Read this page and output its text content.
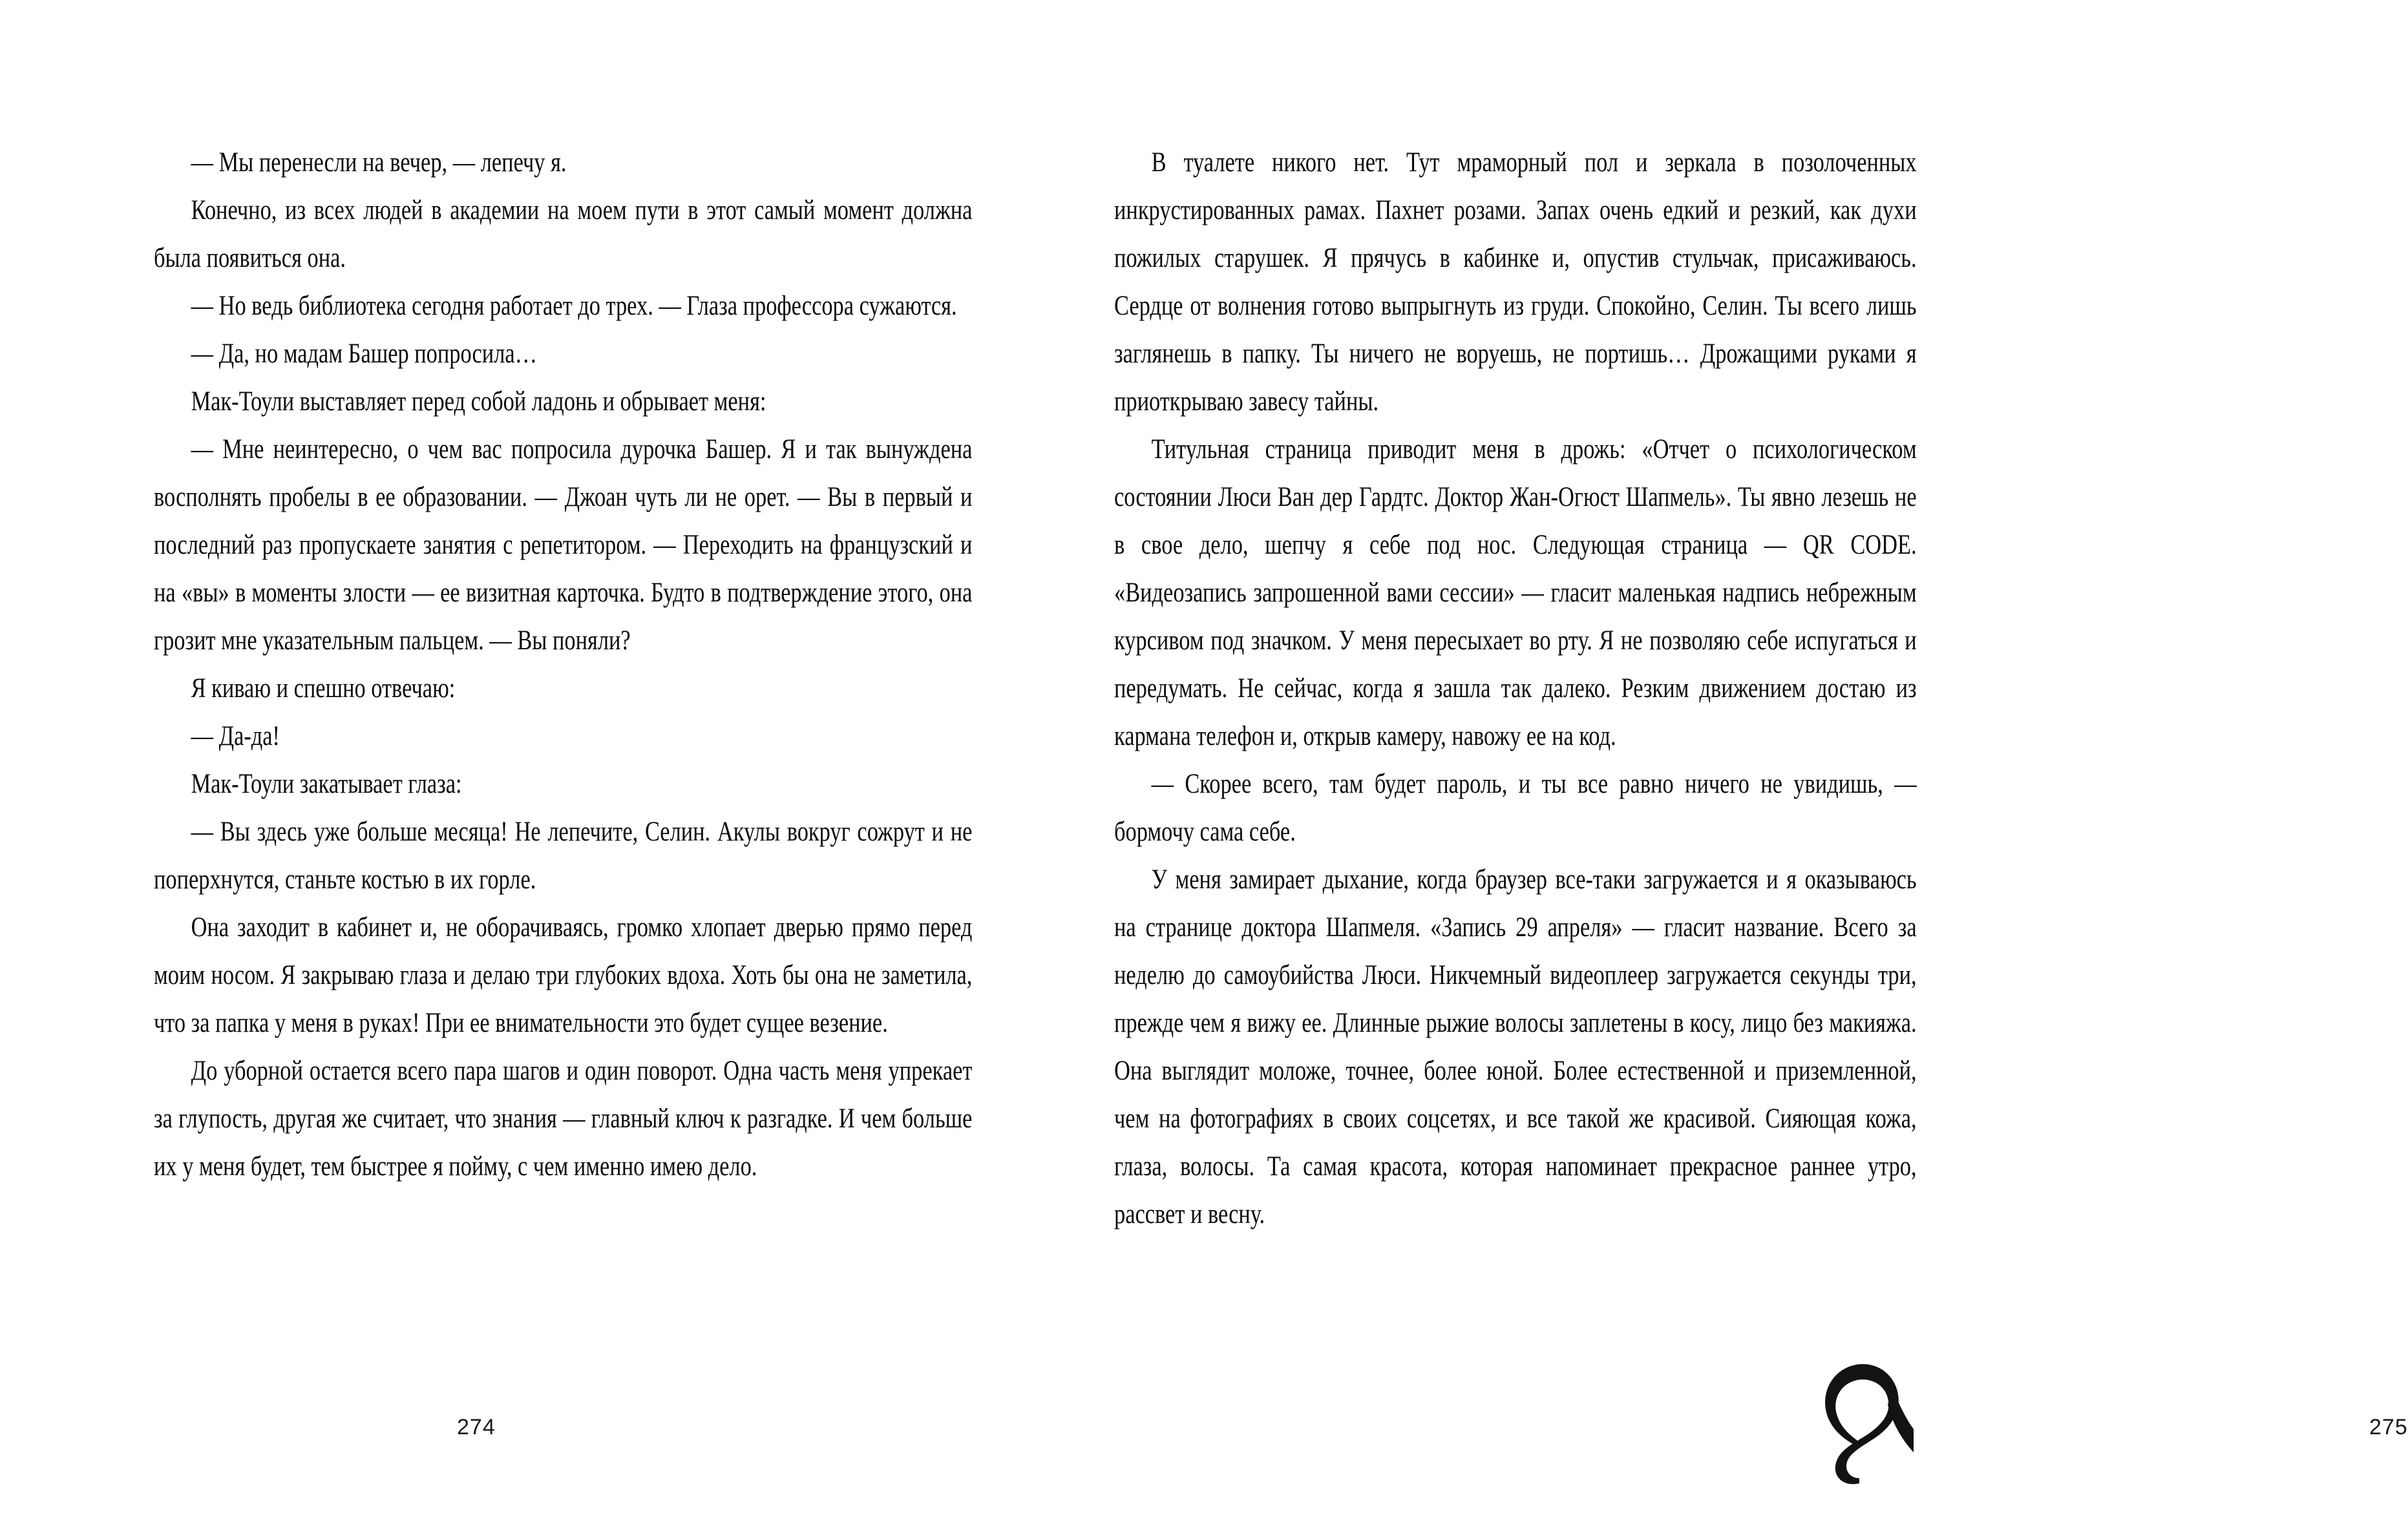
— Мы перенесли на вечер, — лепечу я.

Конечно, из всех людей в академии на моем пути в этот самый момент должна была появиться она.

— Но ведь библиотека сегодня работает до трех. — Глаза профессора сужаются.

— Да, но мадам Башер попросила…

Мак-Тоули выставляет перед собой ладонь и обрывает меня:

— Мне неинтересно, о чем вас попросила дурочка Башер. Я и так вынуждена восполнять пробелы в ее образовании. — Джоан чуть ли не орет. — Вы в первый и последний раз пропускаете занятия с репетитором. — Переходить на французский и на «вы» в моменты злости — ее визитная карточка. Будто в подтверждение этого, она грозит мне указательным пальцем. — Вы поняли?

Я киваю и спешно отвечаю:

— Да-да!

Мак-Тоули закатывает глаза:

— Вы здесь уже больше месяца! Не лепечите, Селин. Акулы вокруг сожрут и не поперхнутся, станьте костью в их горле.

Она заходит в кабинет и, не оборачиваясь, громко хлопает дверью прямо перед моим носом. Я закрываю глаза и делаю три глубоких вдоха. Хоть бы она не заметила, что за папка у меня в руках! При ее внимательности это будет сущее везение.

До уборной остается всего пара шагов и один поворот. Одна часть меня упрекает за глупость, другая же считает, что знания — главный ключ к разгадке. И чем больше их у меня будет, тем быстрее я пойму, с чем именно имею дело.

274

В туалете никого нет. Тут мраморный пол и зеркала в позолоченных инкрустированных рамах. Пахнет розами. Запах очень едкий и резкий, как духи пожилых старушек. Я прячусь в кабинке и, опустив стульчак, присаживаюсь. Сердце от волнения готово выпрыгнуть из груди. Спокойно, Селин. Ты всего лишь заглянешь в папку. Ты ничего не воруешь, не портишь… Дрожащими руками я приоткрываю завесу тайны.

Титульная страница приводит меня в дрожь: «Отчет о психологическом состоянии Люси Ван дер Гардтс. Доктор Жан-Огюст Шапмель». Ты явно лезешь не в свое дело, шепчу я себе под нос. Следующая страница — QR CODE. «Видеозапись запрошенной вами сессии» — гласит маленькая надпись небрежным курсивом под значком. У меня пересыхает во рту. Я не позволяю себе испугаться и передумать. Не сейчас, когда я зашла так далеко. Резким движением достаю из кармана телефон и, открыв камеру, навожу ее на код.

— Скорее всего, там будет пароль, и ты все равно ничего не увидишь, — бормочу сама себе.

У меня замирает дыхание, когда браузер все-таки загружается и я оказываюсь на странице доктора Шапмеля. «Запись 29 апреля» — гласит название. Всего за неделю до самоубийства Люси. Никчемный видеоплеер загружается секунды три, прежде чем я вижу ее. Длинные рыжие волосы заплетены в косу, лицо без макияжа. Она выглядит моложе, точнее, более юной. Более естественной и приземленной, чем на фотографиях в своих соцсетях, и все такой же красивой. Сияющая кожа, глаза, волосы. Та самая красота, которая напоминает прекрасное раннее утро, рассвет и весну.

275
